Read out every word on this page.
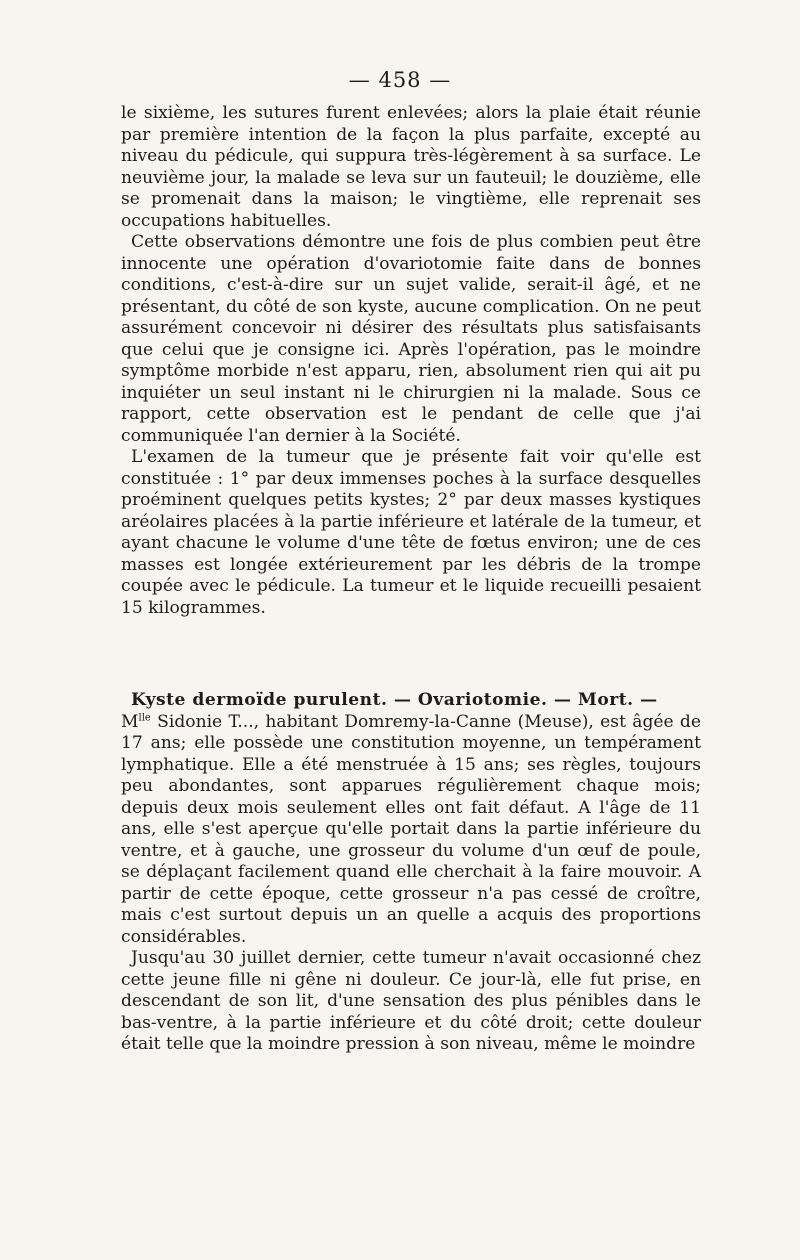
— 458 —

le sixième, les sutures furent enlevées; alors la plaie était réunie par première intention de la façon la plus parfaite, excepté au niveau du pédicule, qui suppura très-légèrement à sa surface. Le neuvième jour, la malade se leva sur un fauteuil; le douzième, elle se promenait dans la maison; le vingtième, elle reprenait ses occupations habituelles.

Cette observations démontre une fois de plus combien peut être innocente une opération d'ovariotomie faite dans de bonnes conditions, c'est-à-dire sur un sujet valide, serait-il âgé, et ne présentant, du côté de son kyste, aucune complication. On ne peut assurément concevoir ni désirer des résultats plus satisfaisants que celui que je consigne ici. Après l'opération, pas le moindre symptôme morbide n'est apparu, rien, absolument rien qui ait pu inquiéter un seul instant ni le chirurgien ni la malade. Sous ce rapport, cette observation est le pendant de celle que j'ai communiquée l'an dernier à la Société.

L'examen de la tumeur que je présente fait voir qu'elle est constituée : 1° par deux immenses poches à la surface desquelles proéminent quelques petits kystes; 2° par deux masses kystiques aréolaires placées à la partie inférieure et latérale de la tumeur, et ayant chacune le volume d'une tête de fœtus environ; une de ces masses est longée extérieurement par les débris de la trompe coupée avec le pédicule. La tumeur et le liquide recueilli pesaient 15 kilogrammes.

Kyste dermoïde purulent. — Ovariotomie. — Mort. —
$M^{lle}$ Sidonie T..., habitant Domremy-la-Canne (Meuse), est âgée de 17 ans; elle possède une constitution moyenne, un tempérament lymphatique. Elle a été menstruée à 15 ans; ses règles, toujours peu abondantes, sont apparues régulièrement chaque mois; depuis deux mois seulement elles ont fait défaut. A l'âge de 11 ans, elle s'est aperçue qu'elle portait dans la partie inférieure du ventre, et à gauche, une grosseur du volume d'un œuf de poule, se déplaçant facilement quand elle cherchait à la faire mouvoir. A partir de cette époque, cette grosseur n'a pas cessé de croître, mais c'est surtout depuis un an quelle a acquis des proportions considérables.

Jusqu'au 30 juillet dernier, cette tumeur n'avait occasionné chez cette jeune fille ni gêne ni douleur. Ce jour-là, elle fut prise, en descendant de son lit, d'une sensation des plus pénibles dans le bas-ventre, à la partie inférieure et du côté droit; cette douleur était telle que la moindre pression à son niveau, même le moindre
